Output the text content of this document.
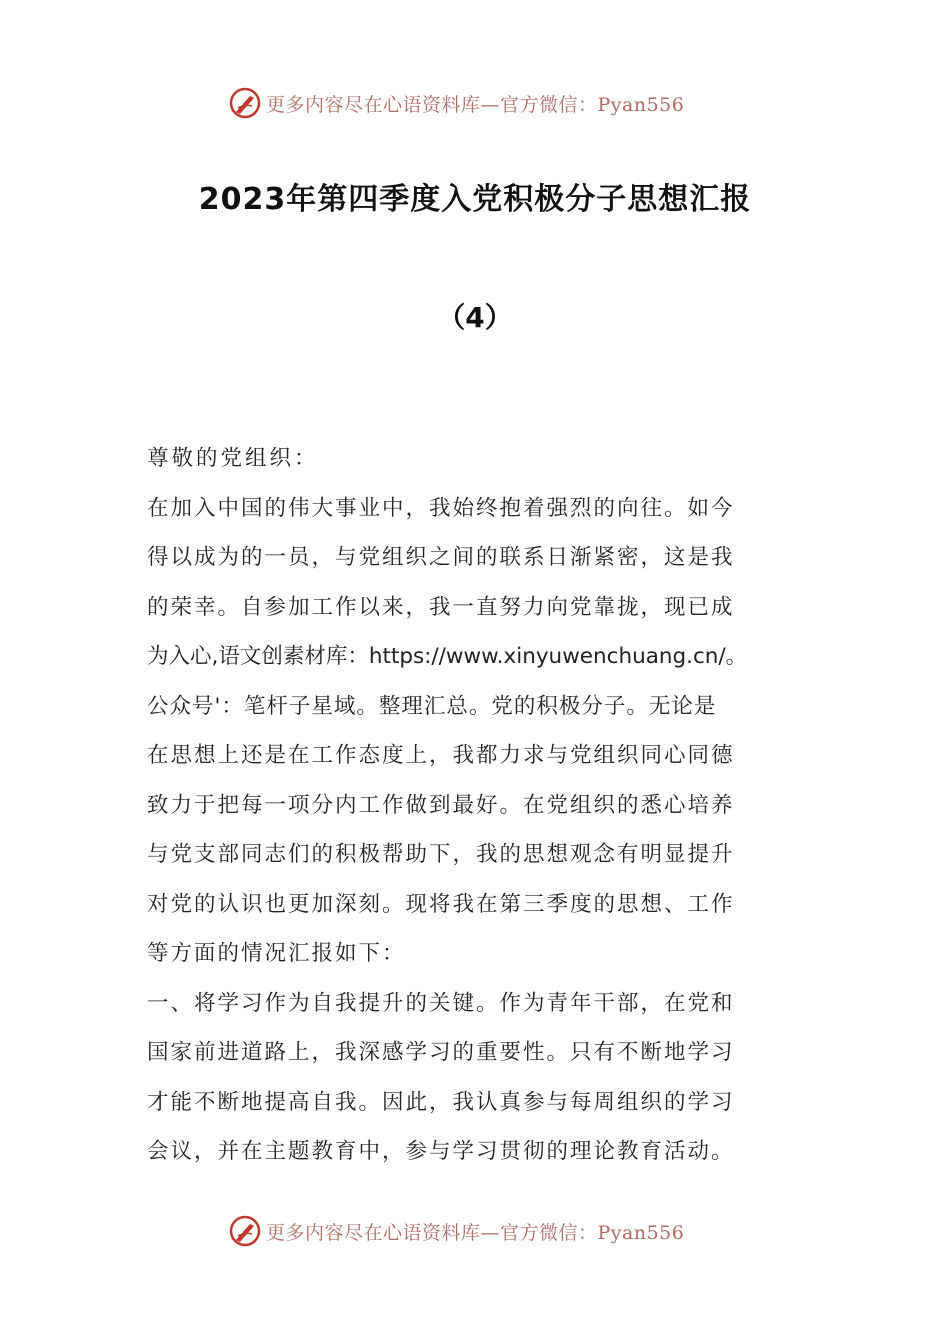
更多内容尽在心语资料库—官方微信：Pyan556
2023年第四季度入党积极分子思想汇报
（4）
尊敬的党组织：
在加入中国的伟大事业中，我始终抱着强烈的向往。如今
得以成为的一员，与党组织之间的联系日渐紧密，这是我
的荣幸。自参加工作以来，我一直努力向党靠拢，现已成
为入心,语文创素材库：https://www.xinyuwenchuang.cn/。
公众号'：笔杆子星域。整理汇总。党的积极分子。无论是
在思想上还是在工作态度上，我都力求与党组织同心同德
致力于把每一项分内工作做到最好。在党组织的悉心培养
与党支部同志们的积极帮助下，我的思想观念有明显提升
对党的认识也更加深刻。现将我在第三季度的思想、工作
等方面的情况汇报如下：
一、将学习作为自我提升的关键。作为青年干部，在党和
国家前进道路上，我深感学习的重要性。只有不断地学习
才能不断地提高自我。因此，我认真参与每周组织的学习
会议，并在主题教育中，参与学习贯彻的理论教育活动。
更多内容尽在心语资料库—官方微信：Pyan556
